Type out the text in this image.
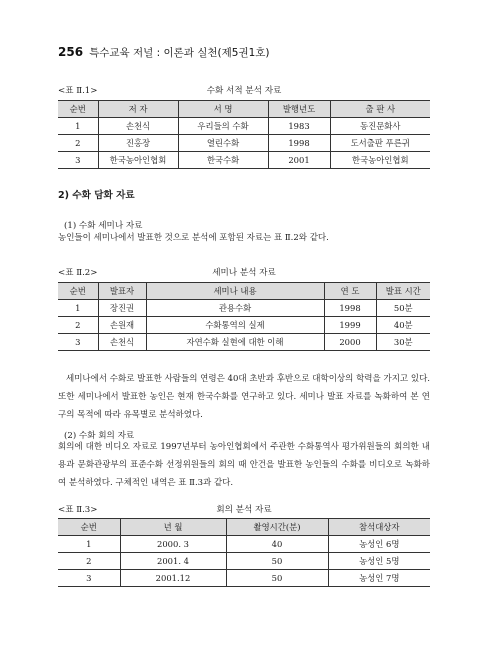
256 특수교육 저널 : 이론과 실천(제5권1호)
<표 Ⅱ.1>	수화 서적 분석 자료
순번	저 자	서 명	발행년도	출 판 사
1	손천식	우리들의 수화	1983	동진문화사
2	진홍장	열린수화	1998	도서출판 푸른귀
3	한국농아인협회	한국수화	2001	한국농아인협회
2) 수화 담화 자료
(1) 수화 세미나 자료

농인들이 세미나에서 발표한 것으로 분석에 포함된 자료는 표 Ⅱ.2와 같다.

<표 Ⅱ.2>	세미나 분석 자료
순번	발표자	세미나 내용	연 도	발표 시간
1	장진권	관용수화	1998	50분
2	손원재	수화통역의 실제	1999	40분
3	손천식	자연수화 실현에 대한 이해	2000	30분

세미나에서 수화로 발표한 사람들의 연령은 40대 초반과 후반으로 대학이상의 학력을 가지고 있다. 또한 세미나에서 발표한 농인은 현재 한국수화를 연구하고 있다. 세미나 발표 자료를 녹화하여 본 연구의 목적에 따라 유목별로 분석하였다.

(2) 수화 회의 자료

회의에 대한 비디오 자료로 1997년부터 농아인협회에서 주관한 수화통역사 평가위원들의 회의한 내용과 문화관광부의 표준수화 선정위원들의 회의 때 안건을 발표한 농인들의 수화를 비디오로 녹화하여 분석하였다. 구체적인 내역은 표 Ⅱ.3과 같다.

<표 Ⅱ.3>	회의 분석 자료
순번	년 월	촬영시간(분)	참석대상자
1	2000. 3	40	농성인 6명
2	2001. 4	50	농성인 5명
3	2001.12	50	농성인 7명
